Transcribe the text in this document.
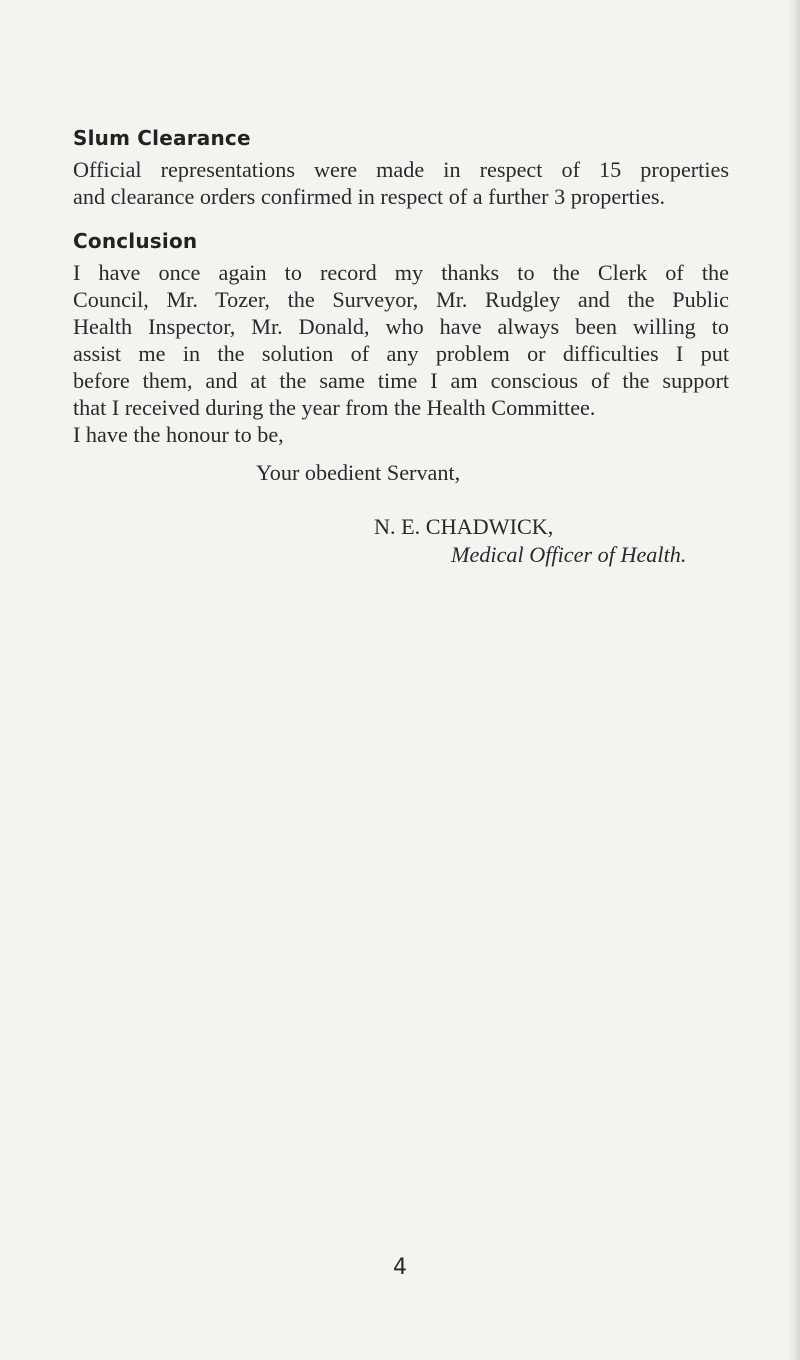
Slum Clearance
Official representations were made in respect of 15 properties
and clearance orders confirmed in respect of a further 3 properties.
Conclusion
I have once again to record my thanks to the Clerk of the
Council, Mr. Tozer, the Surveyor, Mr. Rudgley and the Public
Health Inspector, Mr. Donald, who have always been willing to
assist me in the solution of any problem or difficulties I put
before them, and at the same time I am conscious of the support
that I received during the year from the Health Committee.
I have the honour to be,

Your obedient Servant,

N. E. CHADWICK,

Medical Officer of Health.

4
